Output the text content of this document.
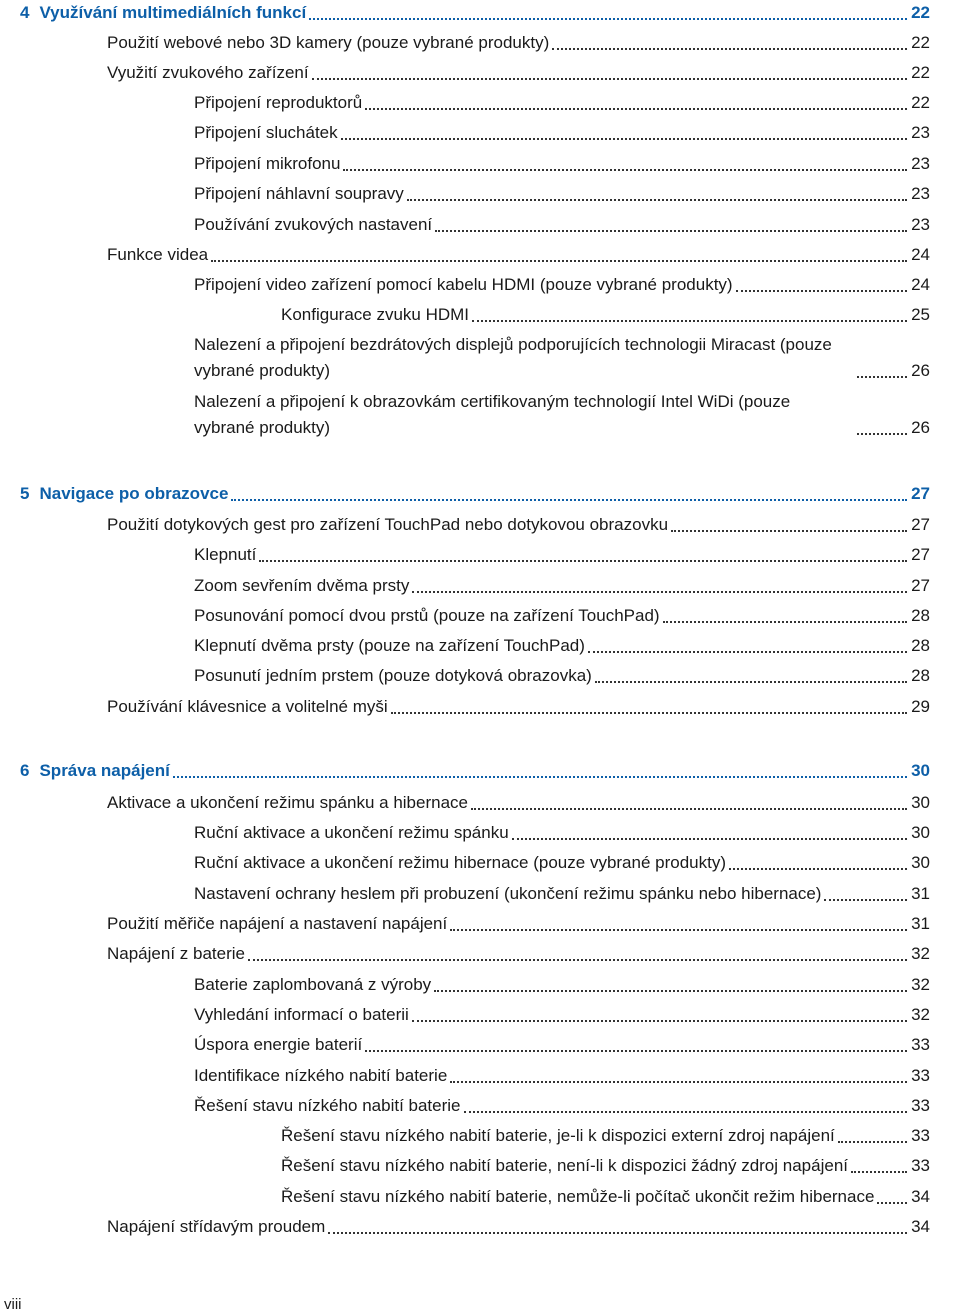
4 Využívání multimediálních funkcí	22
Použití webové nebo 3D kamery (pouze vybrané produkty)	22
Využití zvukového zařízení	22
Připojení reproduktorů	22
Připojení sluchátek	23
Připojení mikrofonu	23
Připojení náhlavní soupravy	23
Používání zvukových nastavení	23
Funkce videa	24
Připojení video zařízení pomocí kabelu HDMI (pouze vybrané produkty)	24
Konfigurace zvuku HDMI	25
Nalezení a připojení bezdrátových displejů podporujících technologii Miracast (pouze vybrané produkty)	26
Nalezení a připojení k obrazovkám certifikovaným technologií Intel WiDi (pouze vybrané produkty)	26
5 Navigace po obrazovce	27
Použití dotykových gest pro zařízení TouchPad nebo dotykovou obrazovku	27
Klepnutí	27
Zoom sevřením dvěma prsty	27
Posunování pomocí dvou prstů (pouze na zařízení TouchPad)	28
Klepnutí dvěma prsty (pouze na zařízení TouchPad)	28
Posunutí jedním prstem (pouze dotyková obrazovka)	28
Používání klávesnice a volitelné myši	29
6 Správa napájení	30
Aktivace a ukončení režimu spánku a hibernace	30
Ruční aktivace a ukončení režimu spánku	30
Ruční aktivace a ukončení režimu hibernace (pouze vybrané produkty)	30
Nastavení ochrany heslem při probuzení (ukončení režimu spánku nebo hibernace)	31
Použití měřiče napájení a nastavení napájení	31
Napájení z baterie	32
Baterie zaplombovaná z výroby	32
Vyhledání informací o baterii	32
Úspora energie baterií	33
Identifikace nízkého nabití baterie	33
Řešení stavu nízkého nabití baterie	33
Řešení stavu nízkého nabití baterie, je-li k dispozici externí zdroj napájení	33
Řešení stavu nízkého nabití baterie, není-li k dispozici žádný zdroj napájení	33
Řešení stavu nízkého nabití baterie, nemůže-li počítač ukončit režim hibernace 34
Napájení střídavým proudem	34
viii
